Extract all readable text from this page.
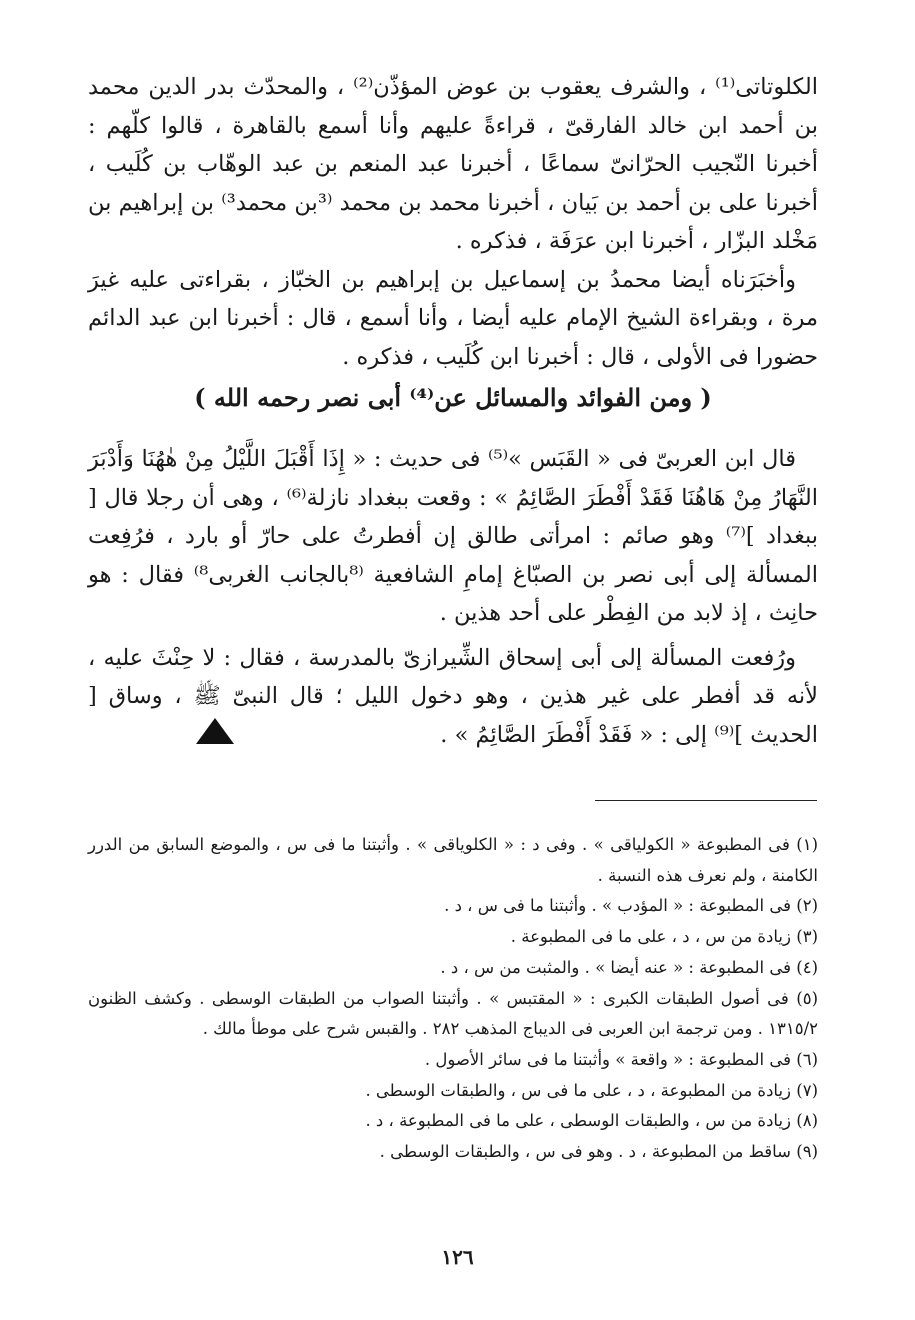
الكلوتاتى⁽¹⁾ ، والشرف يعقوب بن عوض المؤذّن⁽²⁾ ، والمحدّث بدر الدين محمد بن أحمد ابن خالد الفارقىّ ، قراءةً عليهم وأنا أسمع بالقاهرة ، قالوا كلّهم : أخبرنا النّجيب الحرّانىّ سماعًا ، أخبرنا عبد المنعم بن عبد الوهّاب بن كُلَيب ، أخبرنا على بن أحمد بن بَيان ، أخبرنا محمد بن محمد ⁽³بن محمد³⁾ بن إبراهيم بن مَخْلد البزّار ، أخبرنا ابن عرَفَة ، فذكره .

وأخبَرَناه أيضا محمدُ بن إسماعيل بن إبراهيم بن الخبّاز ، بقراءتى عليه غيرَ مرة ، وبقراءة الشيخ الإمام عليه أيضا ، وأنا أسمع ، قال : أخبرنا ابن عبد الدائم حضورا فى الأولى ، قال : أخبرنا ابن كُلَيب ، فذكره .

( ومن الفوائد والمسائل عن⁽⁴⁾ أبى نصر رحمه الله )

قال ابن العربىّ فى « القَبَس »⁽⁵⁾ فى حديث : « إِذَا أَقْبَلَ اللَّيْلُ مِنْ هٰهُنَا وَأَدْبَرَ النَّهَارُ مِنْ هَاهُنَا فَقَدْ أَفْطَرَ الصَّائِمُ » : وقعت ببغداد نازلة⁽⁶⁾ ، وهى أن رجلا قال [ ببغداد ]⁽⁷⁾ وهو صائم : امرأتى طالق إن أفطرتُ على حارّ أو بارد ، فرُفِعت المسألة إلى أبى نصر بن الصبّاغ إمامِ الشافعية ⁽⁸بالجانب الغربى⁸⁾ فقال : هو حانِث ، إذ لابد من الفِطْر على أحد هذين .

ورُفعت المسألة إلى أبى إسحاق الشِّيرازىّ بالمدرسة ، فقال : لا حِنْثَ عليه ، لأنه قد أفطر على غير هذين ، وهو دخول الليل ؛ قال النبىّ ﷺ ، وساق [ الحديث ]⁽⁹⁾ إلى : « فَقَدْ أَفْطَرَ الصَّائِمُ » .

(١) فى المطبوعة « الكولياقى » . وفى د : « الكلوياقى » . وأثبتنا ما فى س ، والموضع السابق من الدرر الكامنة ، ولم نعرف هذه النسبة .

(٢) فى المطبوعة : « المؤدب » . وأثبتنا ما فى س ، د .

(٣) زيادة من س ، د ، على ما فى المطبوعة .

(٤) فى المطبوعة : « عنه أيضا » . والمثبت من س ، د .

(٥) فى أصول الطبقات الكبرى : « المقتبس » . وأثبتنا الصواب من الطبقات الوسطى . وكشف الظنون ١٣١٥/٢ . ومن ترجمة ابن العربى فى الديباج المذهب ٢٨٢ . والقبس شرح على موطأ مالك .

(٦) فى المطبوعة : « واقعة » وأثبتنا ما فى سائر الأصول .

(٧) زيادة من المطبوعة ، د ، على ما فى س ، والطبقات الوسطى .

(٨) زيادة من س ، والطبقات الوسطى ، على ما فى المطبوعة ، د .

(٩) ساقط من المطبوعة ، د . وهو فى س ، والطبقات الوسطى .

١٢٦
